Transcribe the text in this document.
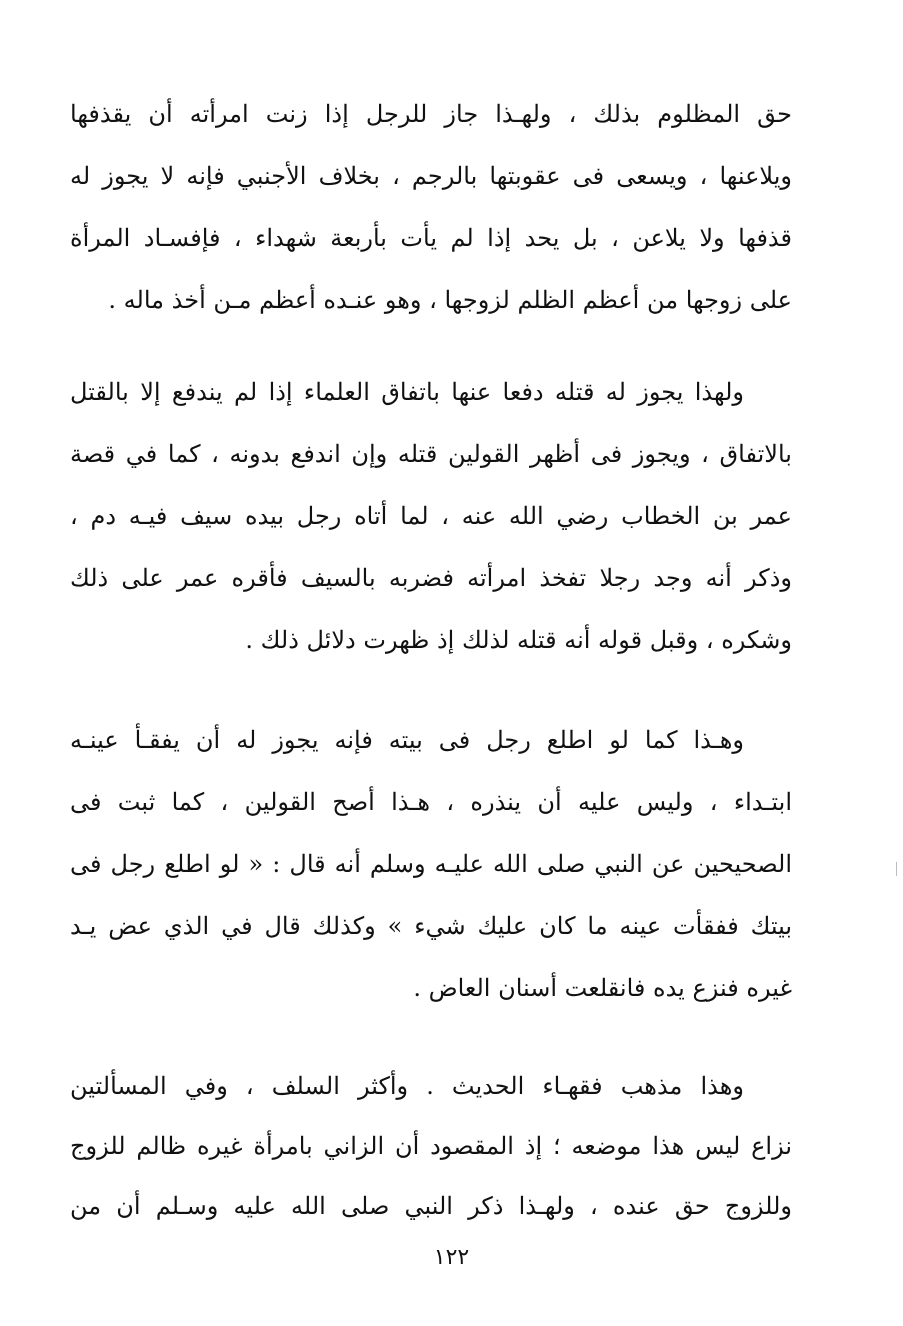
حق المظلوم بذلك ، ولهـذا جاز للرجل إذا زنت امرأته أن يقذفها
ويلاعنها ، ويسعى فى عقوبتها بالرجم ، بخلاف الأجنبي فإنه لا يجوز له
قذفها ولا يلاعن ، بل يحد إذا لم يأت بأربعة شهداء ، فإفسـاد المرأة
على زوجها من أعظم الظلم لزوجها ، وهو عنـده أعظم مـن أخذ ماله .
ولهذا يجوز له قتله دفعا عنها باتفاق العلماء إذا لم يندفع إلا بالقتل
بالاتفاق ، ويجوز فى أظهر القولين قتله وإن اندفع بدونه ، كما في قصة
عمر بن الخطاب رضي الله عنه ، لما أتاه رجل بيده سيف فيـه دم ،
وذكر أنه وجد رجلا تفخذ امرأته فضربه بالسيف فأقره عمر على ذلك
وشكره ، وقبل قوله أنه قتله لذلك إذ ظهرت دلائل ذلك .
وهـذا كما لو اطلع رجل فى بيته فإنه يجوز له أن يفقـأ عينـه
ابتـداء ، وليس عليه أن ينذره ، هـذا أصح القولين ، كما ثبت فى
الصحيحين عن النبي صلى الله عليـه وسلم أنه قال : « لو اطلع رجل فى
بيتك ففقأت عينه ما كان عليك شيء » وكذلك قال في الذي عض يـد
غيره فنزع يده فانقلعت أسنان العاض .
وهذا مذهب فقهـاء الحديث . وأكثر السلف ، وفي المسألتين
نزاع ليس هذا موضعه ؛ إذ المقصود أن الزاني بامرأة غيره ظالم للزوج
وللزوج حق عنده ، ولهـذا ذكر النبي صلى الله عليه وسـلم أن من
١٢٢
